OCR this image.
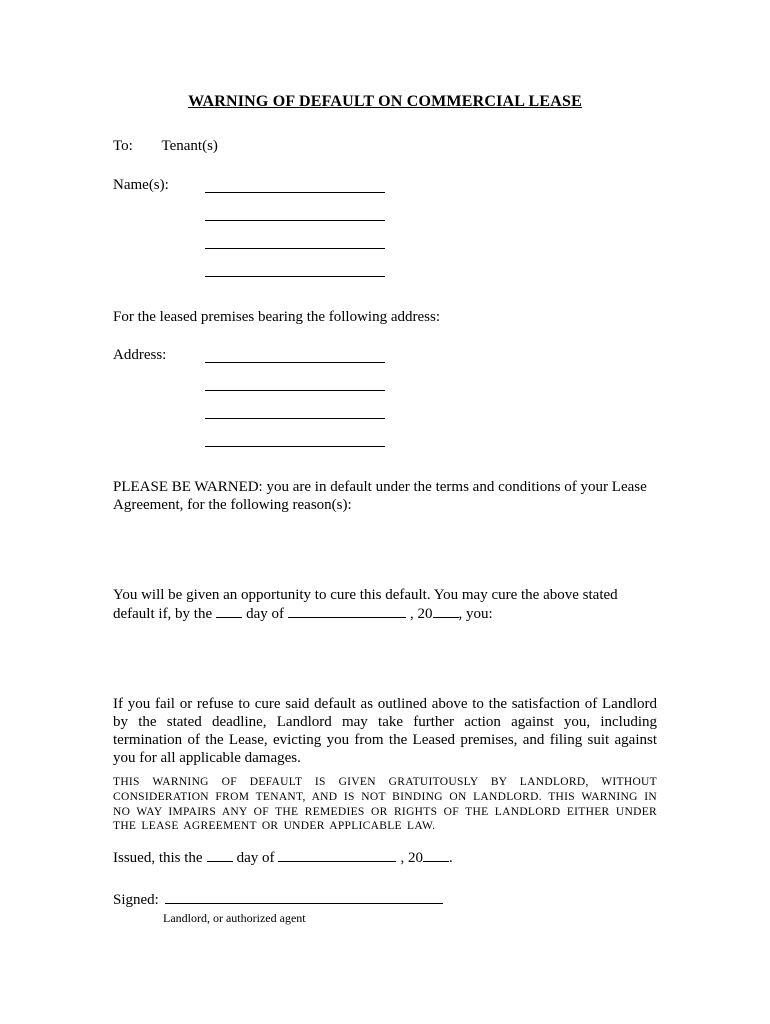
WARNING OF DEFAULT ON COMMERCIAL LEASE
To: Tenant(s)
Name(s):
For the leased premises bearing the following address:
Address:
PLEASE BE WARNED: you are in default under the terms and conditions of your Lease Agreement, for the following reason(s):
You will be given an opportunity to cure this default. You may cure the above stated
default if, by the day of	, 20 , you:
If you fail or refuse to cure said default as outlined above to the satisfaction of Landlord by the stated deadline, Landlord may take further action against you, including termination of the Lease, evicting you from the Leased premises, and filing suit against you for all applicable damages.
THIS WARNING OF DEFAULT IS GIVEN GRATUITOUSLY BY LANDLORD, WITHOUT CONSIDERATION FROM TENANT, AND IS NOT BINDING ON LANDLORD. THIS WARNING IN NO WAY IMPAIRS ANY OF THE REMEDIES OR RIGHTS OF THE LANDLORD EITHER UNDER THE LEASE AGREEMENT OR UNDER APPLICABLE LAW.
Issued, this the day of	, 20 .
Signed:
Landlord, or authorized agent
